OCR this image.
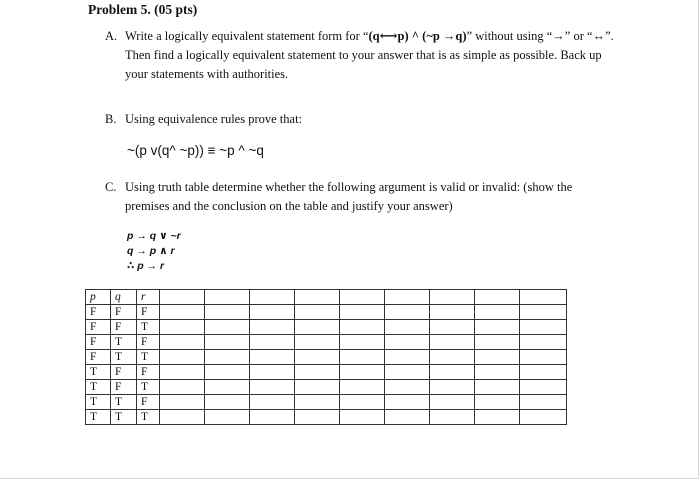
Problem 5. (05 pts)
A. Write a logically equivalent statement form for “(q⟷p) ^ (~p →q)” without using “→” or “↔”. Then find a logically equivalent statement to your answer that is as simple as possible. Back up your statements with authorities.
B. Using equivalence rules prove that:
~(p v(q^ ~p)) ≡ ~p ^ ~q
C. Using truth table determine whether the following argument is valid or invalid: (show the premises and the conclusion on the table and justify your answer)
p → q ∨ ~r
q → p ∧ r
∴ p → r
p	q	r									
F	F	F									
F	F	T									
F	T	F									
F	T	T									
T	F	F									
T	F	T									
T	T	F									
T	T	T									
